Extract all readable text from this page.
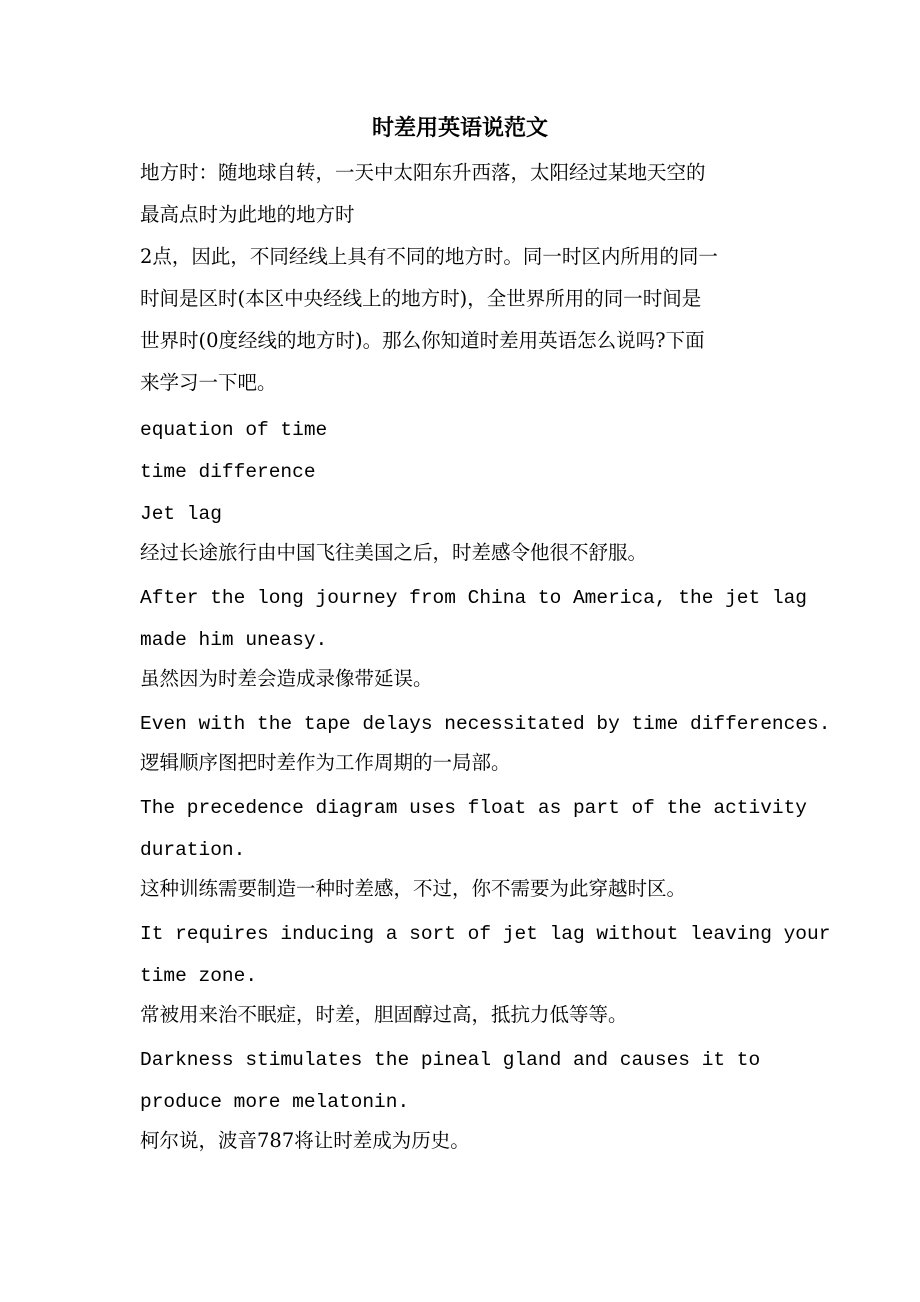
时差用英语说范文
地方时：随地球自转，一天中太阳东升西落，太阳经过某地天空的
最高点时为此地的地方时
2点，因此，不同经线上具有不同的地方时。同一时区内所用的同一
时间是区时(本区中央经线上的地方时)，全世界所用的同一时间是
世界时(0度经线的地方时)。那么你知道时差用英语怎么说吗?下面
来学习一下吧。
equation of time
time difference
Jet lag
经过长途旅行由中国飞往美国之后，时差感令他很不舒服。
After the long journey from China to America, the jet lag
made him uneasy.
虽然因为时差会造成录像带延误。
Even with the tape delays necessitated by time differences.
逻辑顺序图把时差作为工作周期的一局部。
The precedence diagram uses float as part of the activity
duration.
这种训练需要制造一种时差感，不过，你不需要为此穿越时区。
It requires inducing a sort of jet lag without leaving your
time zone.
常被用来治不眠症，时差，胆固醇过高，抵抗力低等等。
Darkness stimulates the pineal gland and causes it to
produce more melatonin.
柯尔说，波音787将让时差成为历史。
